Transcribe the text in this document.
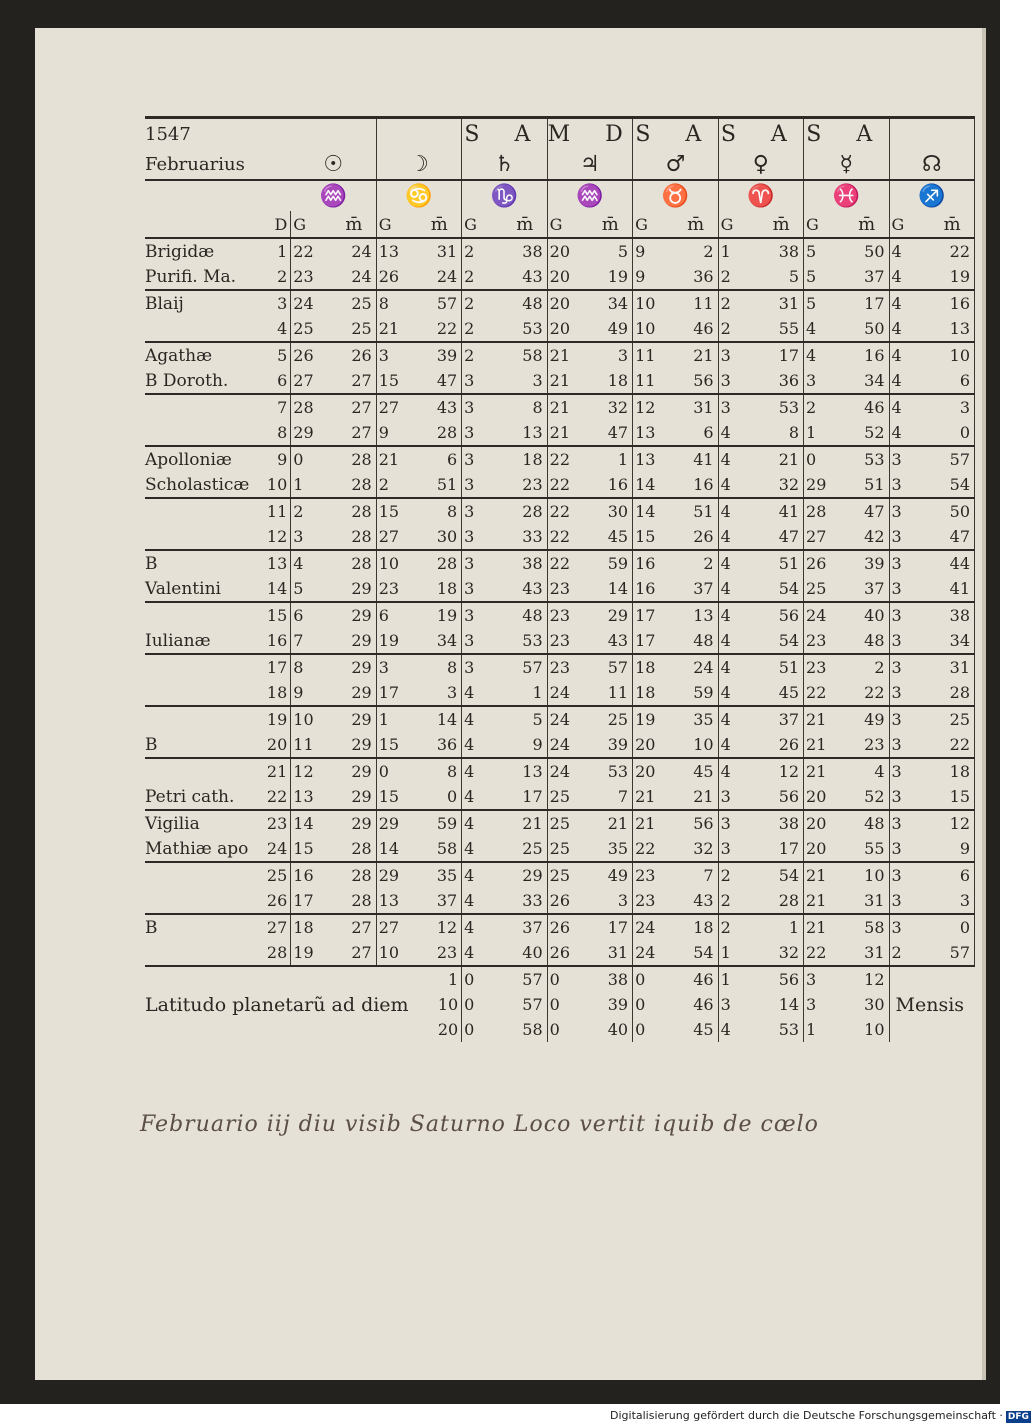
1547						S A		M D		S A		S A		S A			
Februarius		☉		☽		♄		♃		♂		♀		☿		☊	
		♒		♋		♑		♒		♉		♈		♓		♐	
D		G	m̄	G	m̄	G	m̄	G	m̄	G	m̄	G	m̄	G	m̄	G	m̄
Brigidæ	1	22	24	13	31	2	38	20	5	9	2	1	38	5	50	4	22
Purifi. Ma.	2	23	24	26	24	2	43	20	19	9	36	2	5	5	37	4	19
Blaij	3	24	25	8	57	2	48	20	34	10	11	2	31	5	17	4	16
	4	25	25	21	22	2	53	20	49	10	46	2	55	4	50	4	13
Agathæ	5	26	26	3	39	2	58	21	3	11	21	3	17	4	16	4	10
B Doroth.	6	27	27	15	47	3	3	21	18	11	56	3	36	3	34	4	6
	7	28	27	27	43	3	8	21	32	12	31	3	53	2	46	4	3
	8	29	27	9	28	3	13	21	47	13	6	4	8	1	52	4	0
Apolloniæ	9	0	28	21	6	3	18	22	1	13	41	4	21	0	53	3	57
Scholasticæ	10	1	28	2	51	3	23	22	16	14	16	4	32	29	51	3	54
	11	2	28	15	8	3	28	22	30	14	51	4	41	28	47	3	50
	12	3	28	27	30	3	33	22	45	15	26	4	47	27	42	3	47
B	13	4	28	10	28	3	38	22	59	16	2	4	51	26	39	3	44
Valentini	14	5	29	23	18	3	43	23	14	16	37	4	54	25	37	3	41
	15	6	29	6	19	3	48	23	29	17	13	4	56	24	40	3	38
Iulianæ	16	7	29	19	34	3	53	23	43	17	48	4	54	23	48	3	34
	17	8	29	3	8	3	57	23	57	18	24	4	51	23	2	3	31
	18	9	29	17	3	4	1	24	11	18	59	4	45	22	22	3	28
	19	10	29	1	14	4	5	24	25	19	35	4	37	21	49	3	25
B	20	11	29	15	36	4	9	24	39	20	10	4	26	21	23	3	22
	21	12	29	0	8	4	13	24	53	20	45	4	12	21	4	3	18
Petri cath.	22	13	29	15	0	4	17	25	7	21	21	3	56	20	52	3	15
Vigilia	23	14	29	29	59	4	21	25	21	21	56	3	38	20	48	3	12
Mathiæ apo	24	15	28	14	58	4	25	25	35	22	32	3	17	20	55	3	9
	25	16	28	29	35	4	29	25	49	23	7	2	54	21	10	3	6
	26	17	28	13	37	4	33	26	3	23	43	2	28	21	31	3	3
B	27	18	27	27	12	4	37	26	17	24	18	2	1	21	58	3	0
	28	19	27	10	23	4	40	26	31	24	54	1	32	22	31	2	57
Latitudo planetarũ ad diem					1	0	57	0	38	0	46	1	56	3	12	Mensis	
					10	0	57	0	39	0	46	3	14	3	30		
					20	0	58	0	40	0	45	4	53	1	10		
Februario iij diu visib Saturno Loco vertit iquib de cœlo
Digitalisierung gefördert durch die Deutsche Forschungsgemeinschaft · DFG
